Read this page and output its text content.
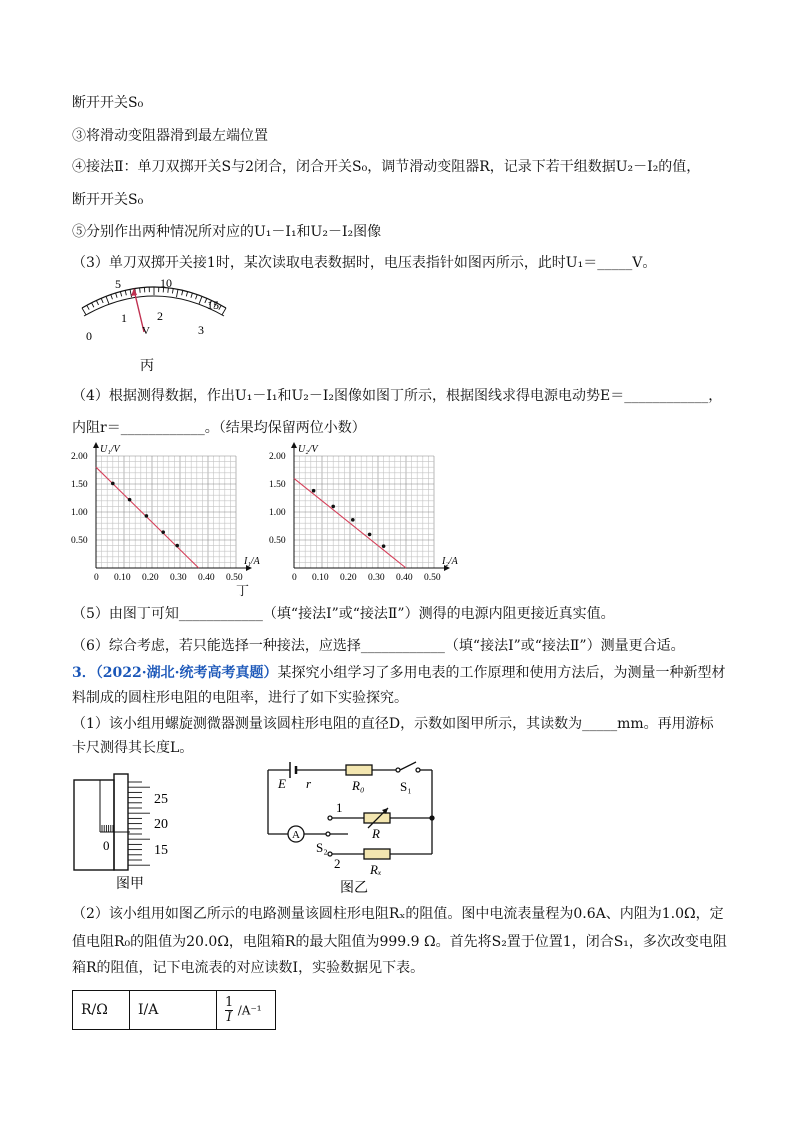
断开开关S₀
③将滑动变阻器滑到最左端位置
④接法Ⅱ：单刀双掷开关S与2闭合，闭合开关S₀，调节滑动变阻器R，记录下若干组数据U₂－I₂的值，
断开开关S₀
⑤分别作出两种情况所对应的U₁－I₁和U₂－I₂图像
（3）单刀双掷开关接1时，某次读取电表数据时，电压表指针如图丙所示，此时U₁＝_____V。
5	10
15
0
1	2
3
V
丙
（4）根据测得数据，作出U₁－I₁和U₂－I₂图像如图丁所示，根据图线求得电源电动势E＝____________，
内阻r＝____________。（结果均保留两位小数）
0 0.10 0.20 0.30 0.40 0.50
0.50
1.00
1.50
2.00
U₁/V
I₁/A
0 0.10 0.20 0.30 0.40 0.50
0.50
1.00
1.50
2.00
U₂/V
I₂/A
丁
（5）由图丁可知____________（填“接法Ⅰ”或“接法Ⅱ”）测得的电源内阻更接近真实值。
（6）综合考虑，若只能选择一种接法，应选择____________（填“接法Ⅰ”或“接法Ⅱ”）测量更合适。
3．（2022·湖北·统考高考真题）某探究小组学习了多用电表的工作原理和使用方法后，为测量一种新型材
料制成的圆柱形电阻的电阻率，进行了如下实验探究。
（1）该小组用螺旋测微器测量该圆柱形电阻的直径D，示数如图甲所示，其读数为_____mm。再用游标
卡尺测得其长度L。
25
20
15
0
图甲
E r	R₀	S₁
1
R
A
S₂
2 Rₓ
图乙
（2）该小组用如图乙所示的电路测量该圆柱形电阻Rₓ的阻值。图中电流表量程为0.6A、内阻为1.0Ω，定
值电阻R₀的阻值为20.0Ω，电阻箱R的最大阻值为999.9 Ω。首先将S₂置于位置1，闭合S₁，多次改变电阻
箱R的阻值，记下电流表的对应读数I，实验数据见下表。
R/Ω	I/A	$\frac{1}{I} /A^{-1}$
